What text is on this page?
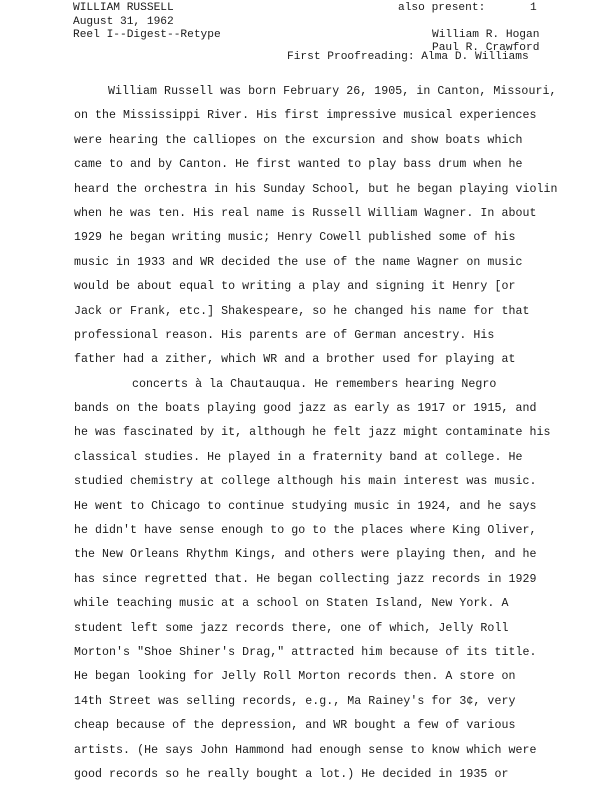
WILLIAM RUSSELL
August 31, 1962
Reel I--Digest--Retype
also present:	1
William R. Hogan
Paul R. Crawford
First Proofreading: Alma D. Williams
William Russell was born February 26, 1905, in Canton, Missouri,
on the Mississippi River. His first impressive musical experiences
were hearing the calliopes on the excursion and show boats which
came to and by Canton. He first wanted to play bass drum when he
heard the orchestra in his Sunday School, but he began playing violin
when he was ten. His real name is Russell William Wagner. In about
1929 he began writing music; Henry Cowell published some of his
music in 1933 and WR decided the use of the name Wagner on music
would be about equal to writing a play and signing it Henry [or
Jack or Frank, etc.] Shakespeare, so he changed his name for that
professional reason. His parents are of German ancestry. His
father had a zither, which WR and a brother used for playing at
concerts à la Chautauqua. He remembers hearing Negro
bands on the boats playing good jazz as early as 1917 or 1915, and
he was fascinated by it, although he felt jazz might contaminate his
classical studies. He played in a fraternity band at college. He
studied chemistry at college although his main interest was music.
He went to Chicago to continue studying music in 1924, and he says
he didn't have sense enough to go to the places where King Oliver,
the New Orleans Rhythm Kings, and others were playing then, and he
has since regretted that. He began collecting jazz records in 1929
while teaching music at a school on Staten Island, New York. A
student left some jazz records there, one of which, Jelly Roll
Morton's "Shoe Shiner's Drag," attracted him because of its title.
He began looking for Jelly Roll Morton records then. A store on
14th Street was selling records, e.g., Ma Rainey's for 3¢, very
cheap because of the depression, and WR bought a few of various
artists. (He says John Hammond had enough sense to know which were
good records so he really bought a lot.) He decided in 1935 or
